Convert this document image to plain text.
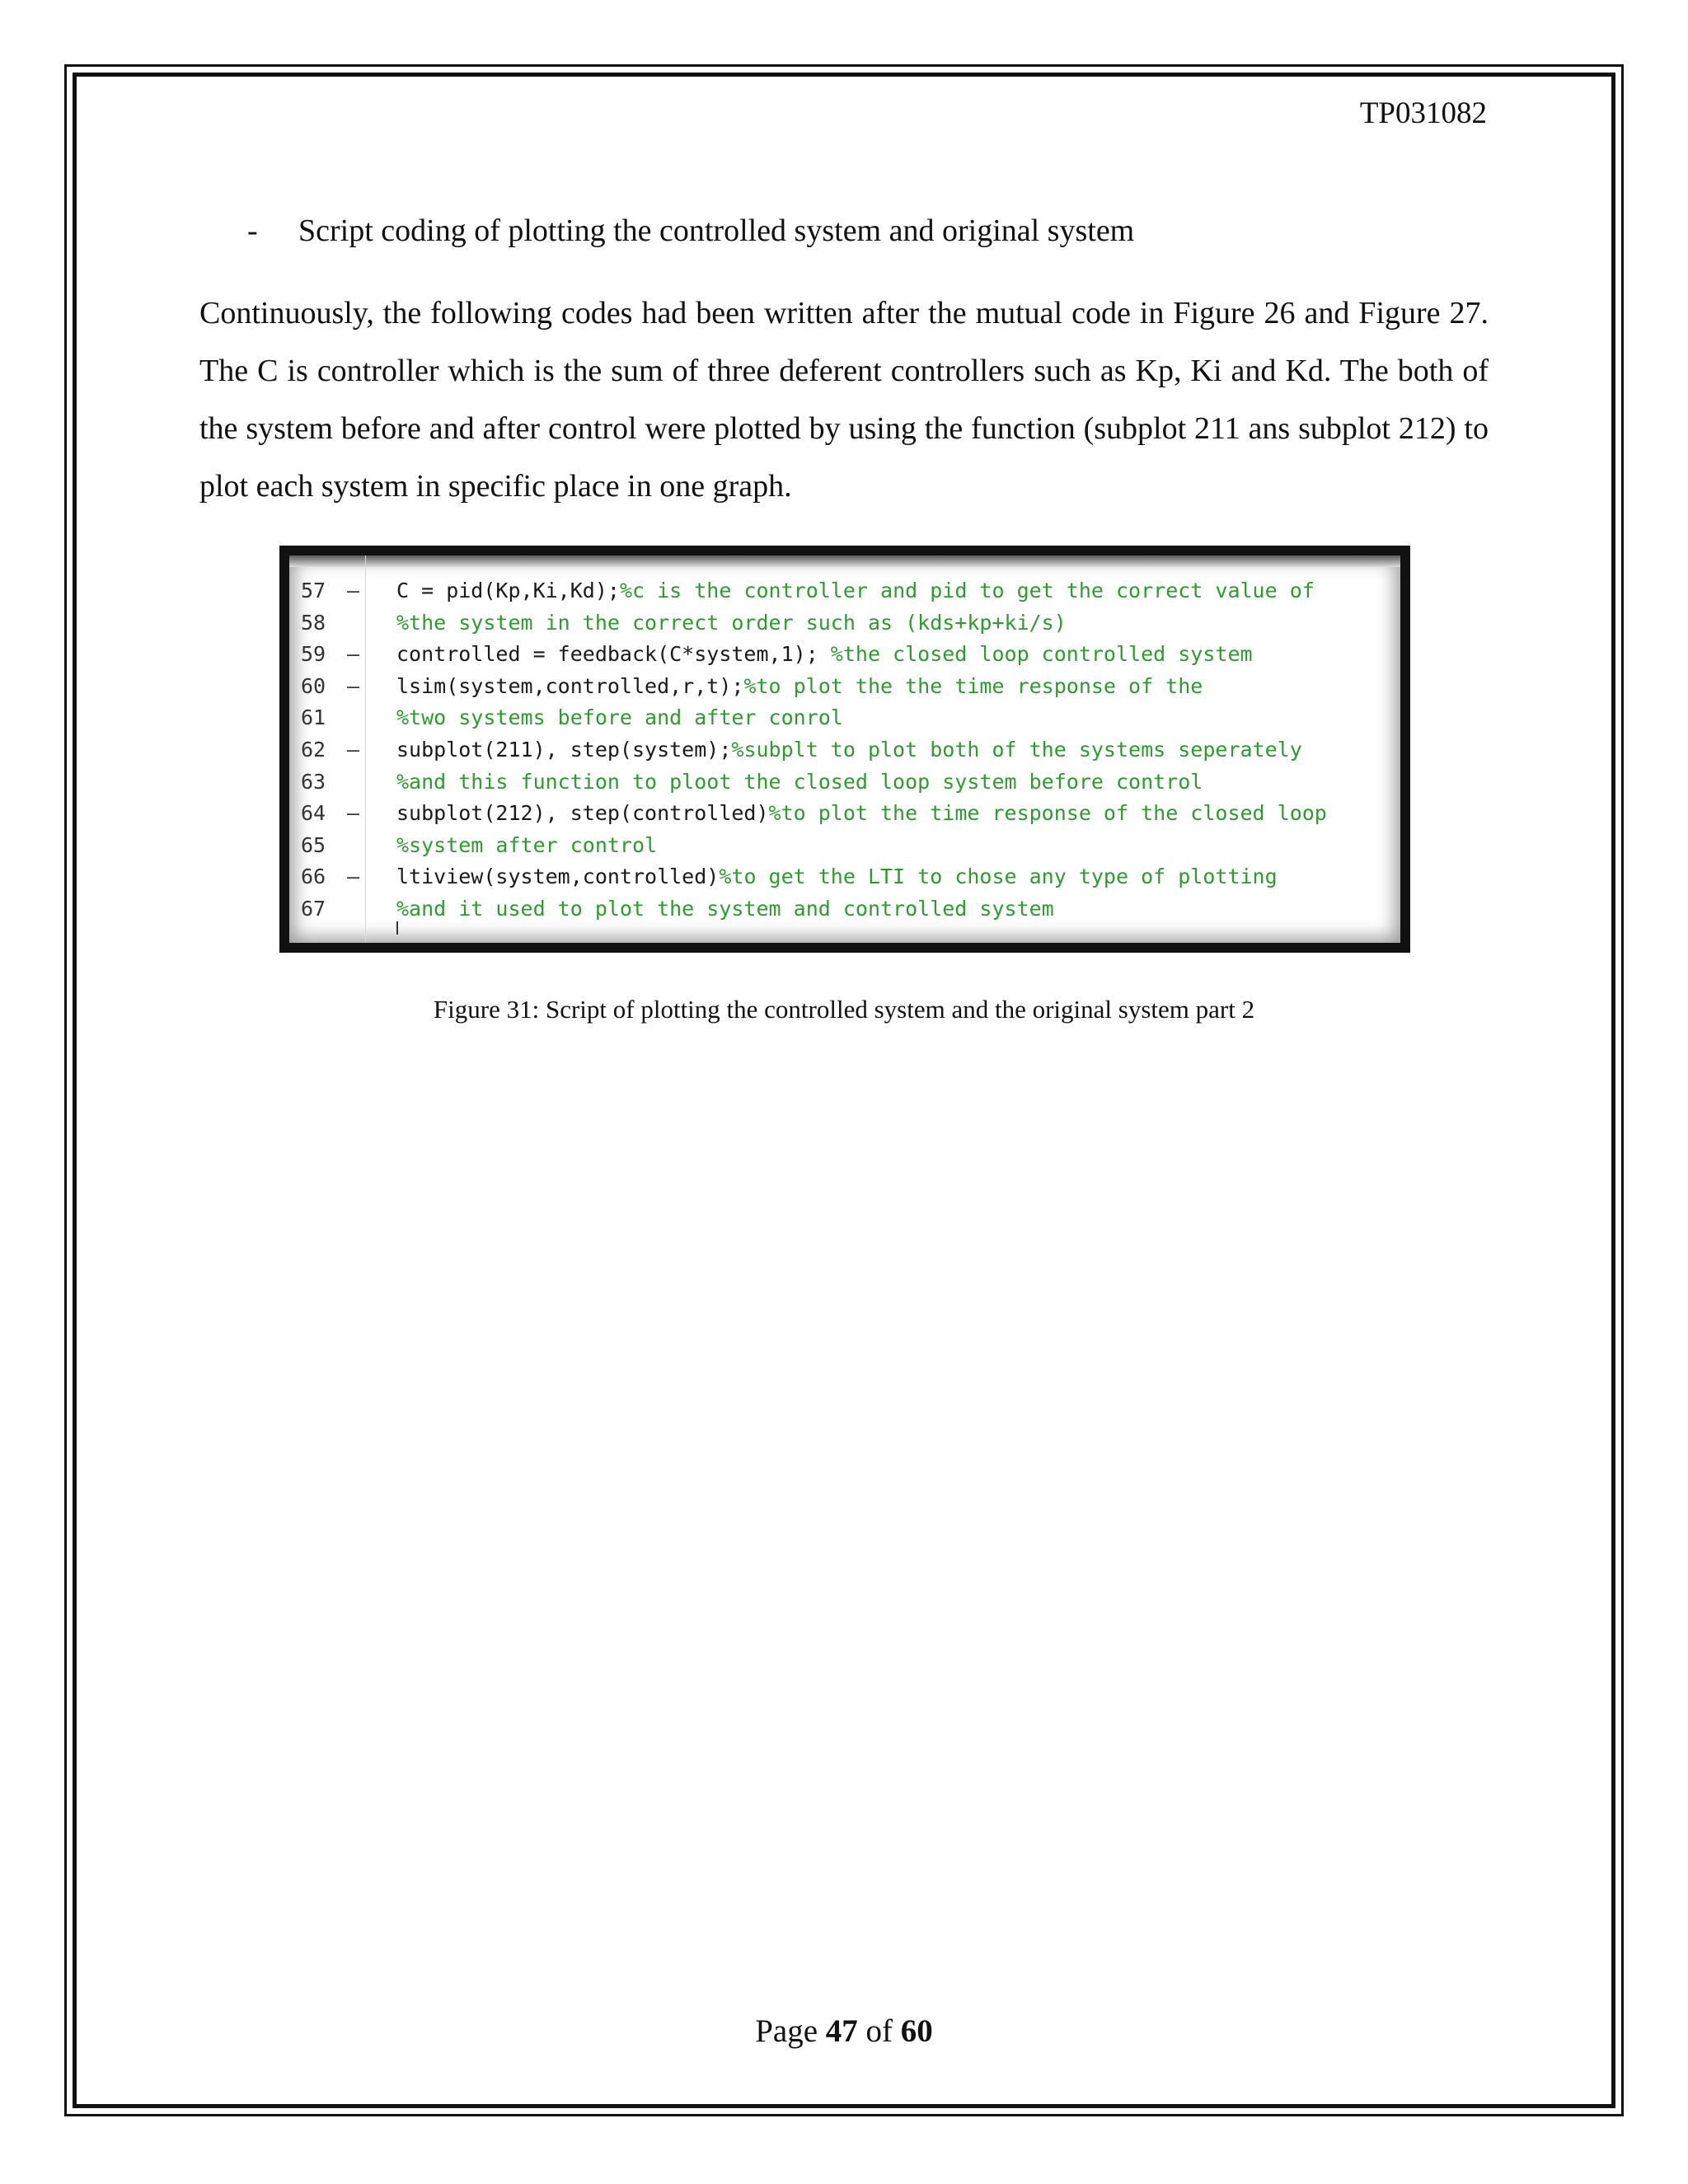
TP031082
- Script coding of plotting the controlled system and original system
Continuously, the following codes had been written after the mutual code in Figure 26 and Figure 27. The C is controller which is the sum of three deferent controllers such as Kp, Ki and Kd. The both of the system before and after control were plotted by using the function (subplot 211 ans subplot 212) to plot each system in specific place in one graph.
57	– C = pid(Kp,Ki,Kd);%c is the controller and pid to get the correct value of
58	%the system in the correct order such as (kds+kp+ki/s)
59	– controlled = feedback(C*system,1); %the closed loop controlled system
60	– lsim(system,controlled,r,t);%to plot the the time response of the
61	%two systems before and after conrol
62	– subplot(211), step(system);%subplt to plot both of the systems seperately
63	%and this function to ploot the closed loop system before control
64	– subplot(212), step(controlled)%to plot the time response of the closed loop
65	%system after control
66	– ltiview(system,controlled)%to get the LTI to chose any type of plotting
67	%and it used to plot the system and controlled system
Figure 31: Script of plotting the controlled system and the original system part 2
Page 47 of 60
